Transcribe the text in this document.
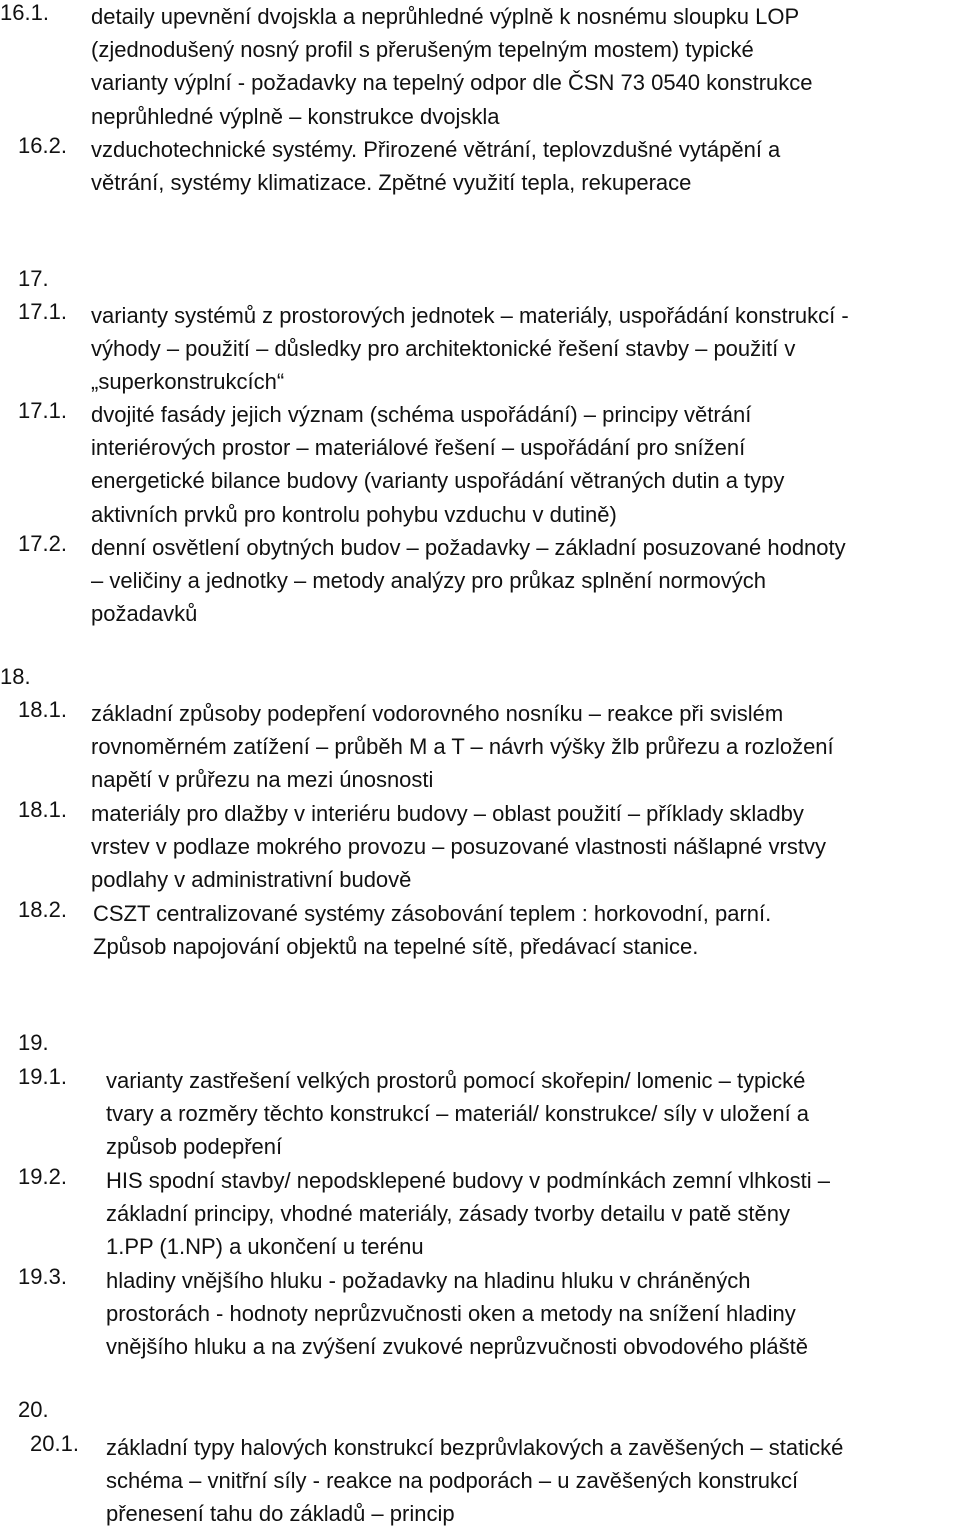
16.1. detaily upevnění dvojskla a neprůhledné výplně k nosnému sloupku LOP
(zjednodušený nosný profil s přerušeným tepelným mostem) typické
varianty výplní - požadavky na tepelný odpor dle ČSN 73 0540 konstrukce
neprůhledné výplně – konstrukce dvojskla
16.2. vzduchotechnické systémy. Přirozené větrání, teplovzdušné vytápění a
větrání, systémy klimatizace. Zpětné využití tepla, rekuperace
17.
17.1. varianty systémů z prostorových jednotek – materiály, uspořádání konstrukcí -
výhody – použití – důsledky pro architektonické řešení stavby – použití v
„superkonstrukcích“
17.1. dvojité fasády jejich význam (schéma uspořádání) – principy větrání
interiérových prostor – materiálové řešení – uspořádání pro snížení
energetické bilance budovy (varianty uspořádání větraných dutin a typy
aktivních prvků pro kontrolu pohybu vzduchu v dutině)
17.2. denní osvětlení obytných budov – požadavky – základní posuzované hodnoty
– veličiny a jednotky – metody analýzy pro průkaz splnění normových
požadavků
18.
18.1. základní způsoby podepření vodorovného nosníku – reakce při svislém
rovnoměrném zatížení – průběh M a T – návrh výšky žlb průřezu a rozložení
napětí v průřezu na mezi únosnosti
18.1. materiály pro dlažby v interiéru budovy – oblast použití – příklady skladby
vrstev v podlaze mokrého provozu – posuzované vlastnosti nášlapné vrstvy
podlahy v administrativní budově
18.2. CSZT centralizované systémy zásobování teplem : horkovodní, parní.
Způsob napojování objektů na tepelné sítě, předávací stanice.
19.
19.1. varianty zastřešení velkých prostorů pomocí skořepin/ lomenic – typické
tvary a rozměry těchto konstrukcí – materiál/ konstrukce/ síly v uložení a
způsob podepření
19.2. HIS spodní stavby/ nepodsklepené budovy v podmínkách zemní vlhkosti –
základní principy, vhodné materiály, zásady tvorby detailu v patě stěny
1.PP (1.NP) a ukončení u terénu
19.3. hladiny vnějšího hluku - požadavky na hladinu hluku v chráněných
prostorách - hodnoty neprůzvučnosti oken a metody na snížení hladiny
vnějšího hluku a na zvýšení zvukové neprůzvučnosti obvodového pláště
20.
20.1. základní typy halových konstrukcí bezprůvlakových a zavěšených – statické
schéma – vnitřní síly - reakce na podporách – u zavěšených konstrukcí
přenesení tahu do základů – princip
